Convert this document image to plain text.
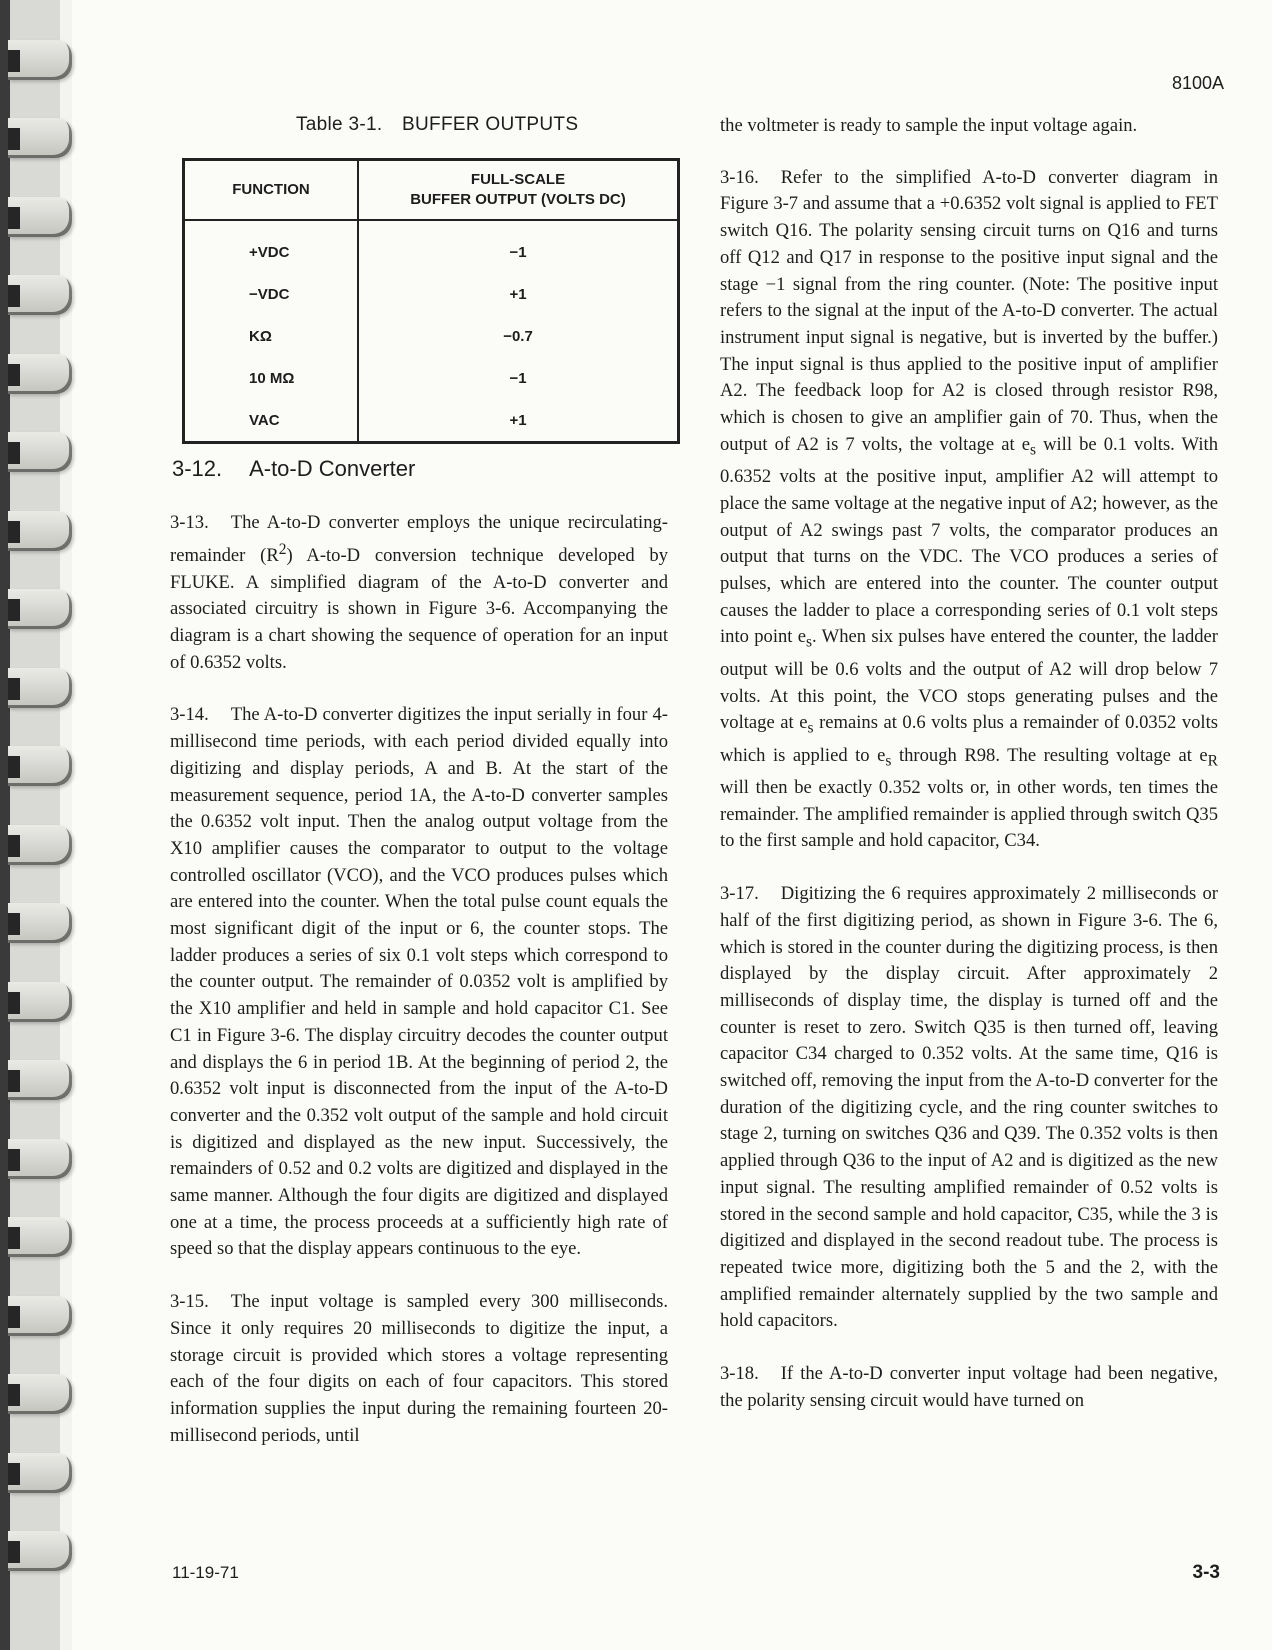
8100A
Table 3-1. BUFFER OUTPUTS
FUNCTION	FULL-SCALE
BUFFER OUTPUT (VOLTS DC)
+VDC	−1
−VDC	+1
KΩ	−0.7
10 MΩ	−1
VAC	+1
3-12. A-to-D Converter

3-13. The A-to-D converter employs the unique recirculating-remainder $(R^2)$ A-to-D conversion technique developed by FLUKE. A simplified diagram of the A-to-D converter and associated circuitry is shown in Figure 3-6. Accompanying the diagram is a chart showing the sequence of operation for an input of 0.6352 volts.

3-14. The A-to-D converter digitizes the input serially in four 4-millisecond time periods, with each period divided equally into digitizing and display periods, A and B. At the start of the measurement sequence, period 1A, the A-to-D converter samples the 0.6352 volt input. Then the analog output voltage from the X10 amplifier causes the comparator to output to the voltage controlled oscillator (VCO), and the VCO produces pulses which are entered into the counter. When the total pulse count equals the most significant digit of the input or 6, the counter stops. The ladder produces a series of six 0.1 volt steps which correspond to the counter output. The remainder of 0.0352 volt is amplified by the X10 amplifier and held in sample and hold capacitor C1. See C1 in Figure 3-6. The display circuitry decodes the counter output and displays the 6 in period 1B. At the beginning of period 2, the 0.6352 volt input is disconnected from the input of the A-to-D converter and the 0.352 volt output of the sample and hold circuit is digitized and displayed as the new input. Successively, the remainders of 0.52 and 0.2 volts are digitized and displayed in the same manner. Although the four digits are digitized and displayed one at a time, the process proceeds at a sufficiently high rate of speed so that the display appears continuous to the eye.

3-15. The input voltage is sampled every 300 milliseconds. Since it only requires 20 milliseconds to digitize the input, a storage circuit is provided which stores a voltage representing each of the four digits on each of four capacitors. This stored information supplies the input during the remaining fourteen 20-millisecond periods, until

the voltmeter is ready to sample the input voltage again.

3-16. Refer to the simplified A-to-D converter diagram in Figure 3-7 and assume that a +0.6352 volt signal is applied to FET switch Q16. The polarity sensing circuit turns on Q16 and turns off Q12 and Q17 in response to the positive input signal and the stage −1 signal from the ring counter. (Note: The positive input refers to the signal at the input of the A-to-D converter. The actual instrument input signal is negative, but is inverted by the buffer.) The input signal is thus applied to the positive input of amplifier A2. The feedback loop for A2 is closed through resistor R98, which is chosen to give an amplifier gain of 70. Thus, when the output of A2 is 7 volts, the voltage at $e_s$ will be 0.1 volts. With 0.6352 volts at the positive input, amplifier A2 will attempt to place the same voltage at the negative input of A2; however, as the output of A2 swings past 7 volts, the comparator produces an output that turns on the VDC. The VCO produces a series of pulses, which are entered into the counter. The counter output causes the ladder to place a corresponding series of 0.1 volt steps into point $e_s$. When six pulses have entered the counter, the ladder output will be 0.6 volts and the output of A2 will drop below 7 volts. At this point, the VCO stops generating pulses and the voltage at $e_s$ remains at 0.6 volts plus a remainder of 0.0352 volts which is applied to $e_s$ through R98. The resulting voltage at $e_R$ will then be exactly 0.352 volts or, in other words, ten times the remainder. The amplified remainder is applied through switch Q35 to the first sample and hold capacitor, C34.

3-17. Digitizing the 6 requires approximately 2 milliseconds or half of the first digitizing period, as shown in Figure 3-6. The 6, which is stored in the counter during the digitizing process, is then displayed by the display circuit. After approximately 2 milliseconds of display time, the display is turned off and the counter is reset to zero. Switch Q35 is then turned off, leaving capacitor C34 charged to 0.352 volts. At the same time, Q16 is switched off, removing the input from the A-to-D converter for the duration of the digitizing cycle, and the ring counter switches to stage 2, turning on switches Q36 and Q39. The 0.352 volts is then applied through Q36 to the input of A2 and is digitized as the new input signal. The resulting amplified remainder of 0.52 volts is stored in the second sample and hold capacitor, C35, while the 3 is digitized and displayed in the second readout tube. The process is repeated twice more, digitizing both the 5 and the 2, with the amplified remainder alternately supplied by the two sample and hold capacitors.

3-18. If the A-to-D converter input voltage had been negative, the polarity sensing circuit would have turned on

11-19-71	3-3
